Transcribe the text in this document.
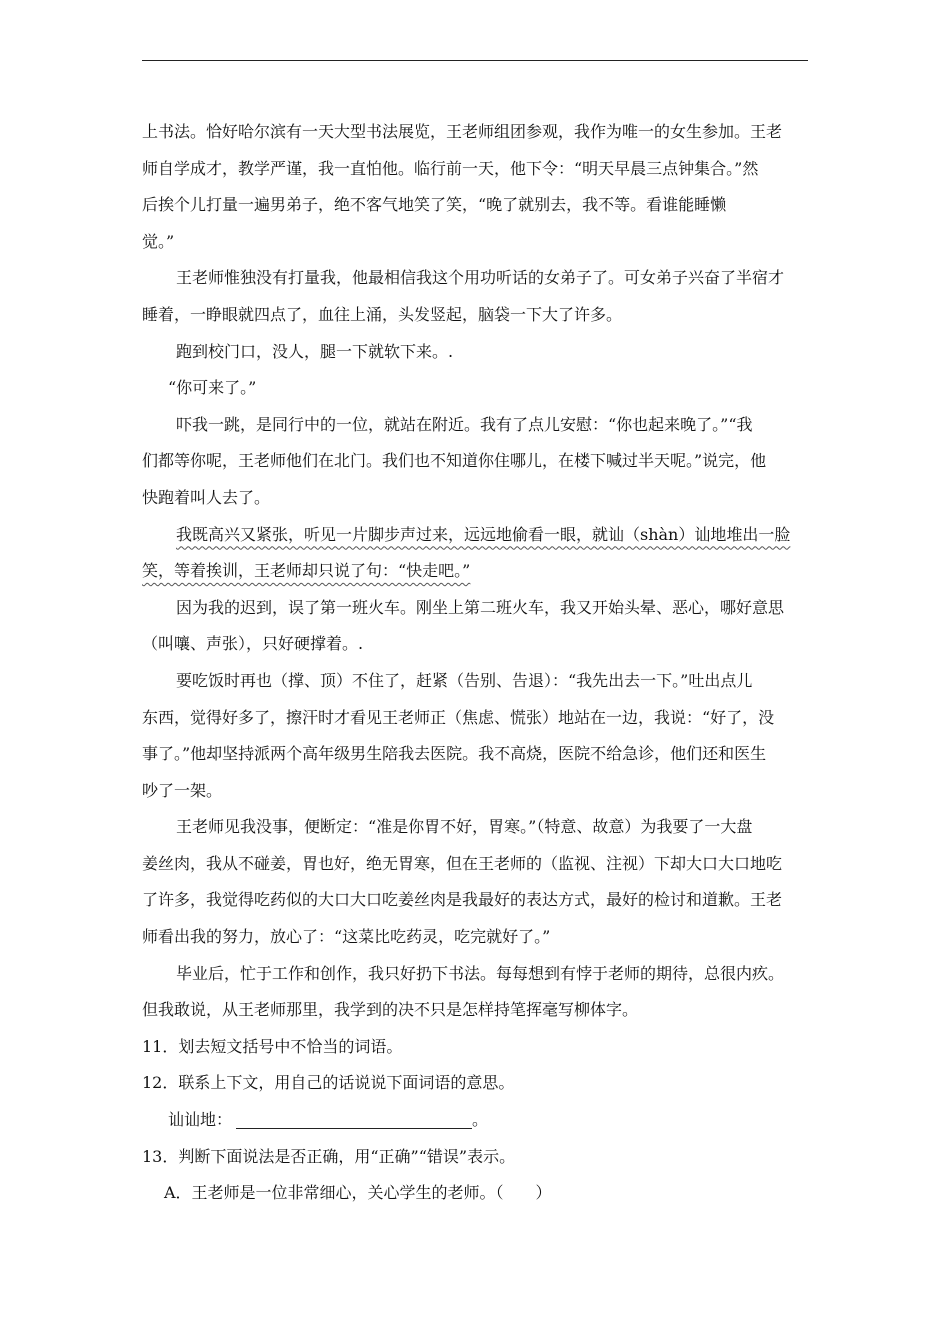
上书法。恰好哈尔滨有一天大型书法展览，王老师组团参观，我作为唯一的女生参加。王老
师自学成才，教学严谨，我一直怕他。临行前一天，他下令：“明天早晨三点钟集合。”然
后挨个儿打量一遍男弟子，绝不客气地笑了笑，“晚了就别去，我不等。看谁能睡懒
觉。”

王老师惟独没有打量我，他最相信我这个用功听话的女弟子了。可女弟子兴奋了半宿才
睡着，一睁眼就四点了，血往上涌，头发竖起，脑袋一下大了许多。

跑到校门口，没人，腿一下就软下来。.

“你可来了。”

吓我一跳，是同行中的一位，就站在附近。我有了点儿安慰：“你也起来晚了。”“我
们都等你呢，王老师他们在北门。我们也不知道你住哪儿，在楼下喊过半天呢。”说完，他
快跑着叫人去了。

我既高兴又紧张，听见一片脚步声过来，远远地偷看一眼，就讪（shàn）讪地堆出一脸
笑，等着挨训，王老师却只说了句：“快走吧。”

因为我的迟到，误了第一班火车。刚坐上第二班火车，我又开始头晕、恶心，哪好意思
（叫嚷、声张），只好硬撑着。.

要吃饭时再也（撑、顶）不住了，赶紧（告别、告退）：“我先出去一下。”吐出点儿
东西，觉得好多了，擦汗时才看见王老师正（焦虑、慌张）地站在一边，我说：“好了，没
事了。”他却坚持派两个高年级男生陪我去医院。我不高烧，医院不给急诊，他们还和医生
吵了一架。

王老师见我没事，便断定：“准是你胃不好，胃寒。”（特意、故意）为我要了一大盘
姜丝肉，我从不碰姜，胃也好，绝无胃寒，但在王老师的（监视、注视）下却大口大口地吃
了许多，我觉得吃药似的大口大口吃姜丝肉是我最好的表达方式，最好的检讨和道歉。王老
师看出我的努力，放心了：“这菜比吃药灵，吃完就好了。”

毕业后，忙于工作和创作，我只好扔下书法。每每想到有悖于老师的期待，总很内疚。
但我敢说，从王老师那里，我学到的决不只是怎样持笔挥毫写柳体字。

11．划去短文括号中不恰当的词语。

12．联系上下文，用自己的话说说下面词语的意思。

讪讪地：	。

13．判断下面说法是否正确，用“正确”“错误”表示。

A．王老师是一位非常细心，关心学生的老师。（　　）
